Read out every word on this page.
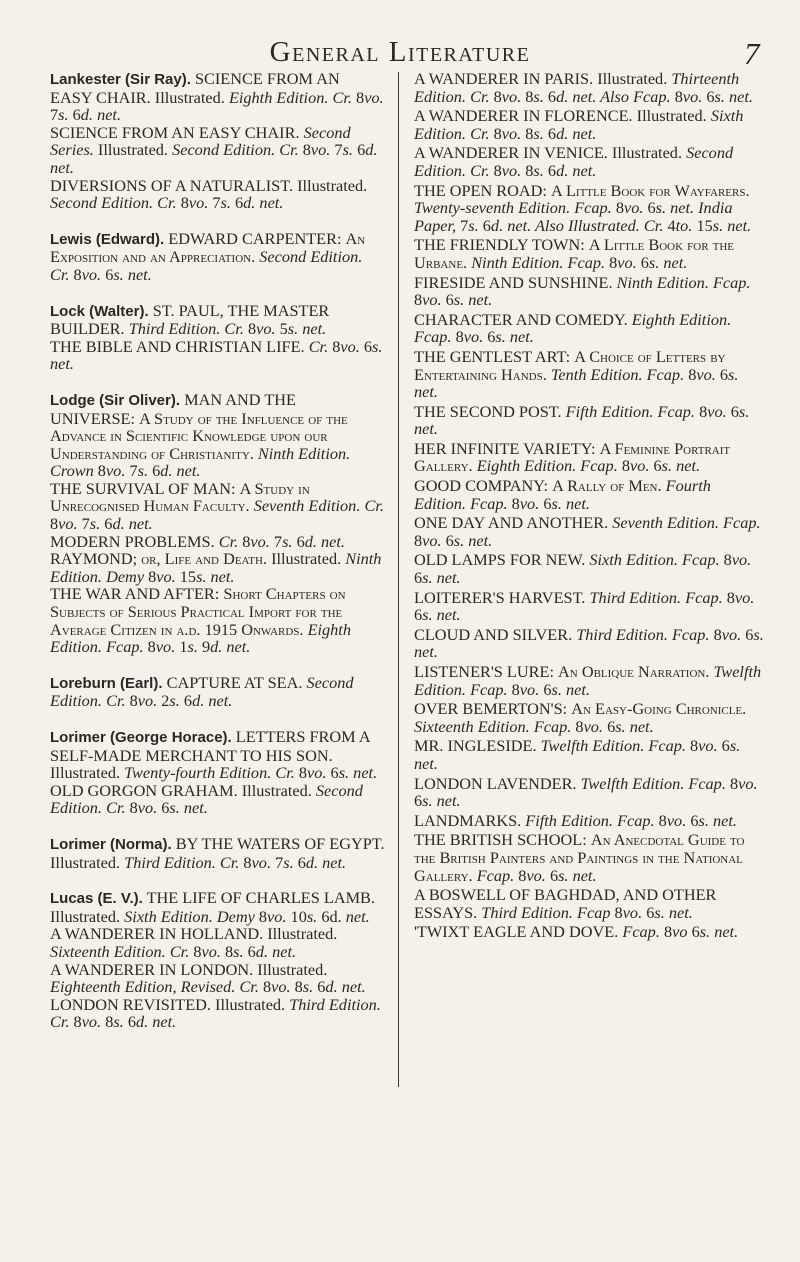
General Literature	7
Lankester (Sir Ray). SCIENCE FROM AN EASY CHAIR. Illustrated. Eighth Edition. Cr. 8vo. 7s. 6d. net.
SCIENCE FROM AN EASY CHAIR. Second Series. Illustrated. Second Edition. Cr. 8vo. 7s. 6d. net.
DIVERSIONS OF A NATURALIST. Illustrated. Second Edition. Cr. 8vo. 7s. 6d. net.
Lewis (Edward). EDWARD CARPENTER: An Exposition and an Appreciation. Second Edition. Cr. 8vo. 6s. net.
Lock (Walter). ST. PAUL, THE MASTER BUILDER. Third Edition. Cr. 8vo. 5s. net.
THE BIBLE AND CHRISTIAN LIFE. Cr. 8vo. 6s. net.
Lodge (Sir Oliver). MAN AND THE UNIVERSE: A Study of the Influence of the Advance in Scientific Knowledge upon our Understanding of Christianity. Ninth Edition. Crown 8vo. 7s. 6d. net.
THE SURVIVAL OF MAN: A Study in Unrecognised Human Faculty. Seventh Edition. Cr. 8vo. 7s. 6d. net.
MODERN PROBLEMS. Cr. 8vo. 7s. 6d. net.
RAYMOND; or, Life and Death. Illustrated. Ninth Edition. Demy 8vo. 15s. net.
THE WAR AND AFTER: Short Chapters on Subjects of Serious Practical Import for the Average Citizen in a.d. 1915 Onwards. Eighth Edition. Fcap. 8vo. 1s. 9d. net.
Loreburn (Earl). CAPTURE AT SEA. Second Edition. Cr. 8vo. 2s. 6d. net.
Lorimer (George Horace). LETTERS FROM A SELF-MADE MERCHANT TO HIS SON. Illustrated. Twenty-fourth Edition. Cr. 8vo. 6s. net.
OLD GORGON GRAHAM. Illustrated. Second Edition. Cr. 8vo. 6s. net.
Lorimer (Norma). BY THE WATERS OF EGYPT. Illustrated. Third Edition. Cr. 8vo. 7s. 6d. net.
Lucas (E. V.). THE LIFE OF CHARLES LAMB. Illustrated. Sixth Edition. Demy 8vo. 10s. 6d. net.
A WANDERER IN HOLLAND. Illustrated. Sixteenth Edition. Cr. 8vo. 8s. 6d. net.
A WANDERER IN LONDON. Illustrated. Eighteenth Edition, Revised. Cr. 8vo. 8s. 6d. net.
LONDON REVISITED. Illustrated. Third Edition. Cr. 8vo. 8s. 6d. net.
A WANDERER IN PARIS. Illustrated. Thirteenth Edition. Cr. 8vo. 8s. 6d. net. Also Fcap. 8vo. 6s. net.
A WANDERER IN FLORENCE. Illustrated. Sixth Edition. Cr. 8vo. 8s. 6d. net.
A WANDERER IN VENICE. Illustrated. Second Edition. Cr. 8vo. 8s. 6d. net.
THE OPEN ROAD: A Little Book for Wayfarers. Twenty-seventh Edition. Fcap. 8vo. 6s. net. India Paper, 7s. 6d. net. Also Illustrated. Cr. 4to. 15s. net.
THE FRIENDLY TOWN: A Little Book for the Urbane. Ninth Edition. Fcap. 8vo. 6s. net.
FIRESIDE AND SUNSHINE. Ninth Edition. Fcap. 8vo. 6s. net.
CHARACTER AND COMEDY. Eighth Edition. Fcap. 8vo. 6s. net.
THE GENTLEST ART: A Choice of Letters by Entertaining Hands. Tenth Edition. Fcap. 8vo. 6s. net.
THE SECOND POST. Fifth Edition. Fcap. 8vo. 6s. net.
HER INFINITE VARIETY: A Feminine Portrait Gallery. Eighth Edition. Fcap. 8vo. 6s. net.
GOOD COMPANY: A Rally of Men. Fourth Edition. Fcap. 8vo. 6s. net.
ONE DAY AND ANOTHER. Seventh Edition. Fcap. 8vo. 6s. net.
OLD LAMPS FOR NEW. Sixth Edition. Fcap. 8vo. 6s. net.
LOITERER'S HARVEST. Third Edition. Fcap. 8vo. 6s. net.
CLOUD AND SILVER. Third Edition. Fcap. 8vo. 6s. net.
LISTENER'S LURE: An Oblique Narration. Twelfth Edition. Fcap. 8vo. 6s. net.
OVER BEMERTON'S: An Easy-Going Chronicle. Sixteenth Edition. Fcap. 8vo. 6s. net.
MR. INGLESIDE. Twelfth Edition. Fcap. 8vo. 6s. net.
LONDON LAVENDER. Twelfth Edition. Fcap. 8vo. 6s. net.
LANDMARKS. Fifth Edition. Fcap. 8vo. 6s. net.
THE BRITISH SCHOOL: An Anecdotal Guide to the British Painters and Paintings in the National Gallery. Fcap. 8vo. 6s. net.
A BOSWELL OF BAGHDAD, AND OTHER ESSAYS. Third Edition. Fcap 8vo. 6s. net.
'TWIXT EAGLE AND DOVE. Fcap. 8vo 6s. net.
